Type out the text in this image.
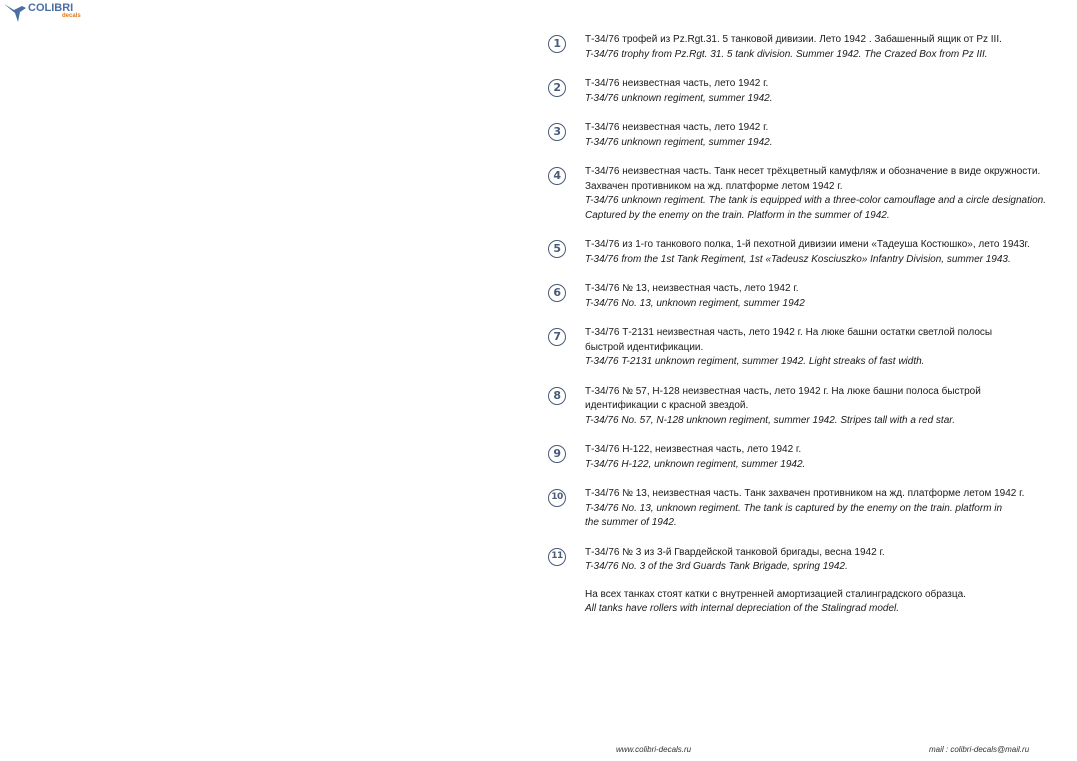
COLIBRI
decals
1	Т-34/76 трофей из Pz.Rgt.31. 5 танковой дивизии. Лето 1942 . Забашенный ящик от Pz III.
T-34/76 trophy from Pz.Rgt. 31. 5 tank division. Summer 1942. The Crazed Box from Pz III.
2	Т-34/76 неизвестная часть, лето 1942 г.
T-34/76 unknown regiment, summer 1942.
3	Т-34/76 неизвестная часть, лето 1942 г.
T-34/76 unknown regiment, summer 1942.
4	Т-34/76 неизвестная часть. Танк несет трёхцветный камуфляж и обозначение в виде окружности.
Захвачен противником на жд. платформе летом 1942 г.
T-34/76 unknown regiment. The tank is equipped with a three-color camouflage and a circle designation.
Captured by the enemy on the train. Platform in the summer of 1942.
5	Т-34/76 из 1-го танкового полка, 1-й пехотной дивизии имени «Тадеуша Костюшко», лето 1943г.
T-34/76 from the 1st Tank Regiment, 1st «Tadeusz Kosciuszko» Infantry Division, summer 1943.
6	Т-34/76 № 13, неизвестная часть, лето 1942 г.
T-34/76 No. 13, unknown regiment, summer 1942
7	Т-34/76 Т-2131 неизвестная часть, лето 1942 г. На люке башни остатки светлой полосы
быстрой идентификации.
T-34/76 T-2131 unknown regiment, summer 1942. Light streaks of fast width.
8	Т-34/76 № 57, Н-128 неизвестная часть, лето 1942 г. На люке башни полоса быстрой
идентификации с красной звездой.
T-34/76 No. 57, N-128 unknown regiment, summer 1942. Stripes tall with a red star.
9	Т-34/76 Н-122, неизвестная часть, лето 1942 г.
T-34/76 H-122, unknown regiment, summer 1942.
10	Т-34/76 № 13, неизвестная часть. Танк захвачен противником на жд. платформе летом 1942 г.
T-34/76 No. 13, unknown regiment. The tank is captured by the enemy on the train. platform in
the summer of 1942.
11	Т-34/76 № 3 из 3-й Гвардейской танковой бригады, весна 1942 г.
T-34/76 No. 3 of the 3rd Guards Tank Brigade, spring 1942.
На всех танках стоят катки с внутренней амортизацией сталинградского образца.
All tanks have rollers with internal depreciation of the Stalingrad model.
www.colibri-decals.ru	mail : colibri-decals@mail.ru
